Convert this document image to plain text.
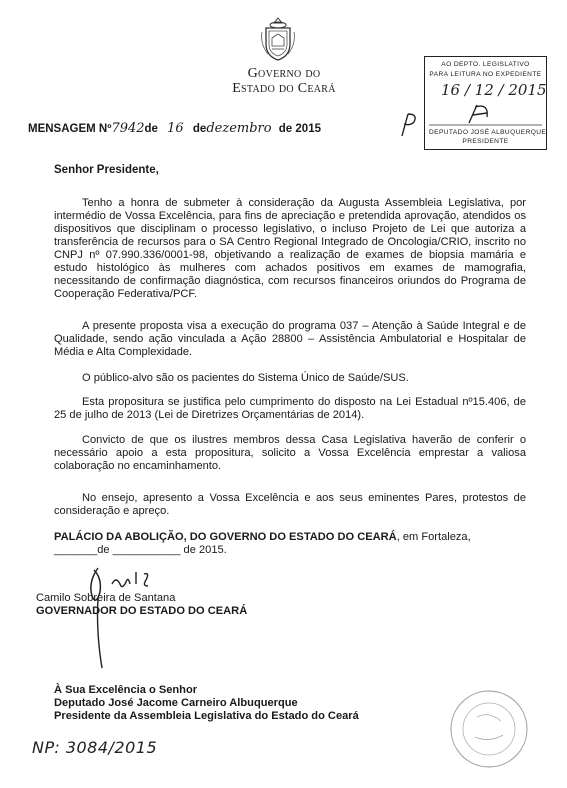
Governo do
Estado do Ceará
AO DEPTO. LEGISLATIVO
PARA LEITURA NO EXPEDIENTE
16 / 12 / 2015
DEPUTADO JOSÉ ALBUQUERQUE
PRESIDENTE
MENSAGEM Nº7942de 16 dedezembro de 2015
Senhor Presidente,
Tenho a honra de submeter à consideração da Augusta Assembleia Legislativa, por intermédio de Vossa Excelência, para fins de apreciação e pretendida aprovação, atendidos os dispositivos que disciplinam o processo legislativo, o incluso Projeto de Lei que autoriza a transferência de recursos para o SA Centro Regional Integrado de Oncologia/CRIO, inscrito no CNPJ nº 07.990.336/0001-98, objetivando a realização de exames de biopsia mamária e estudo histológico às mulheres com achados positivos em exames de mamografia, necessitando de confirmação diagnóstica, com recursos financeiros oriundos do Programa de Cooperação Federativa/PCF.
A presente proposta visa a execução do programa 037 – Atenção à Saúde Integral e de Qualidade, sendo ação vinculada a Ação 28800 – Assistência Ambulatorial e Hospitalar de Média e Alta Complexidade.
O público-alvo são os pacientes do Sistema Único de Saúde/SUS.
Esta propositura se justifica pelo cumprimento do disposto na Lei Estadual nº15.406, de 25 de julho de 2013 (Lei de Diretrizes Orçamentárias de 2014).
Convicto de que os ilustres membros dessa Casa Legislativa haverão de conferir o necessário apoio a esta propositura, solicito a Vossa Excelência emprestar a valiosa colaboração no encaminhamento.
No ensejo, apresento a Vossa Excelência e aos seus eminentes Pares, protestos de consideração e apreço.
PALÁCIO DA ABOLIÇÃO, DO GOVERNO DO ESTADO DO CEARÁ, em Fortaleza,
_______de ___________ de 2015.
Camilo Sobreira de Santana
GOVERNADOR DO ESTADO DO CEARÁ
À Sua Excelência o Senhor
Deputado José Jacome Carneiro Albuquerque
Presidente da Assembleia Legislativa do Estado do Ceará
NP: 3084/2015
